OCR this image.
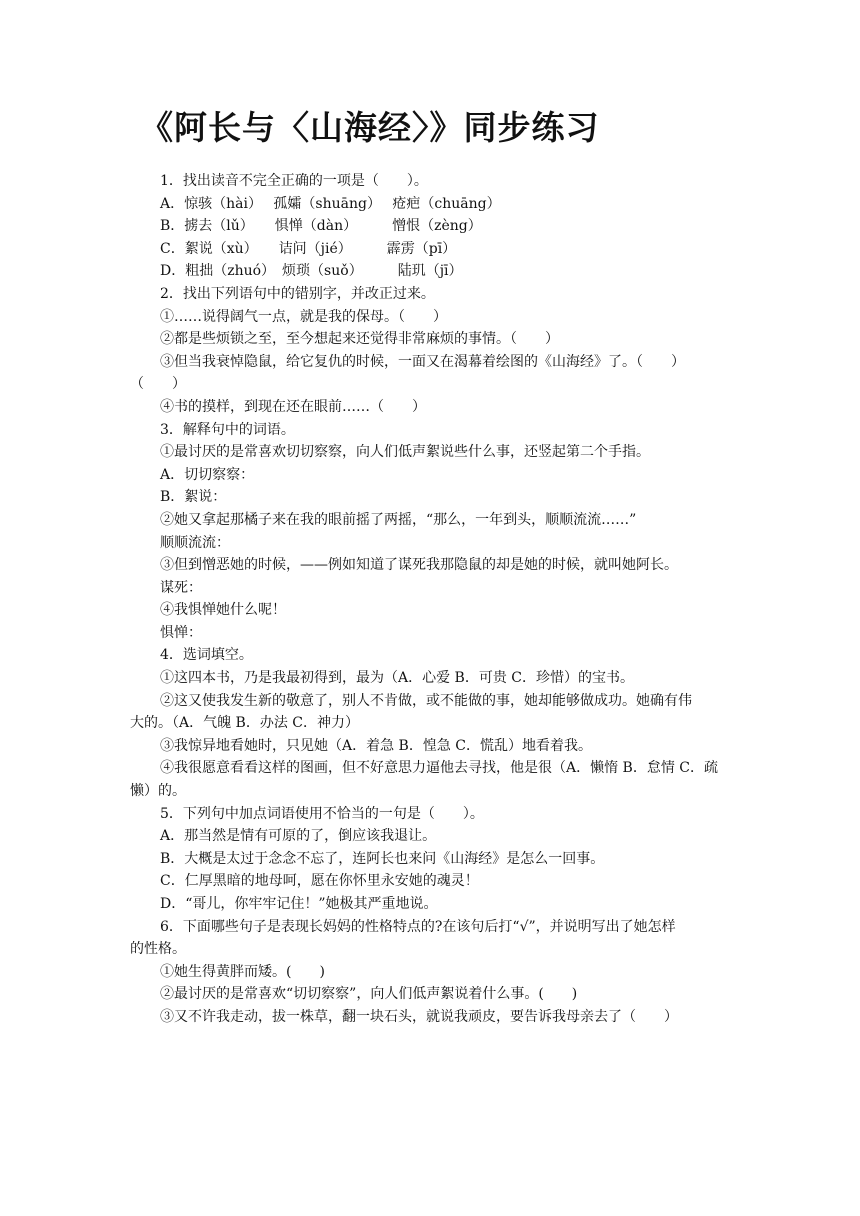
《阿长与〈山海经〉》同步练习
1．找出读音不完全正确的一项是（　　）。
A．惊骇（hài）　 孤孀（shuāng）　 疮疤（chuāng）
B．掳去（lǔ）　　惧惮（dàn）　　　憎恨（zèng）
C．絮说（xù）　　诘问（jié）　　　霹雳（pī）
D．粗拙（zhuó）　烦琐（suǒ）　　　陆玑（jī）
2．找出下列语句中的错别字，并改正过来。
①……说得阔气一点，就是我的保母。（　　）
②都是些烦锁之至，至今想起来还觉得非常麻烦的事情。（　　）
③但当我衰悼隐鼠，给它复仇的时候，一面又在渴幕着绘图的《山海经》了。（　　）
（　　）
④书的摸样，到现在还在眼前……（　　）
3．解释句中的词语。
①最讨厌的是常喜欢切切察察，向人们低声絮说些什么事，还竖起第二个手指。
A．切切察察：
B．絮说：
②她又拿起那橘子来在我的眼前摇了两摇，“那么，一年到头，顺顺流流……”
顺顺流流：
③但到憎恶她的时候，——例如知道了谋死我那隐鼠的却是她的时候，就叫她阿长。
谋死：
④我惧惮她什么呢！
惧惮：
4．选词填空。
①这四本书，乃是我最初得到，最为（A．心爱 B．可贵 C．珍惜）的宝书。
②这又使我发生新的敬意了，别人不肯做，或不能做的事，她却能够做成功。她确有伟
大的。（A．气魄 B．办法 C．神力）
③我惊异地看她时，只见她（A．着急 B．惶急 C．慌乱）地看着我。
④我很愿意看看这样的图画，但不好意思力逼他去寻找，他是很（A．懒惰 B．怠情 C．疏
懒）的。
5．下列句中加点词语使用不恰当的一句是（　　）。
A．那当然是情有可原的了，倒应该我退让。
B．大概是太过于念念不忘了，连阿长也来问《山海经》是怎么一回事。
C．仁厚黑暗的地母呵，愿在你怀里永安她的魂灵！
D．“哥儿，你牢牢记住！”她极其严重地说。
6．下面哪些句子是表现长妈妈的性格特点的?在该句后打“√”，并说明写出了她怎样
的性格。
①她生得黄胖而矮。(　　)
②最讨厌的是常喜欢“切切察察”，向人们低声絮说着什么事。(　　)
③又不许我走动，拔一株草，翻一块石头，就说我顽皮，要告诉我母亲去了（　　）
